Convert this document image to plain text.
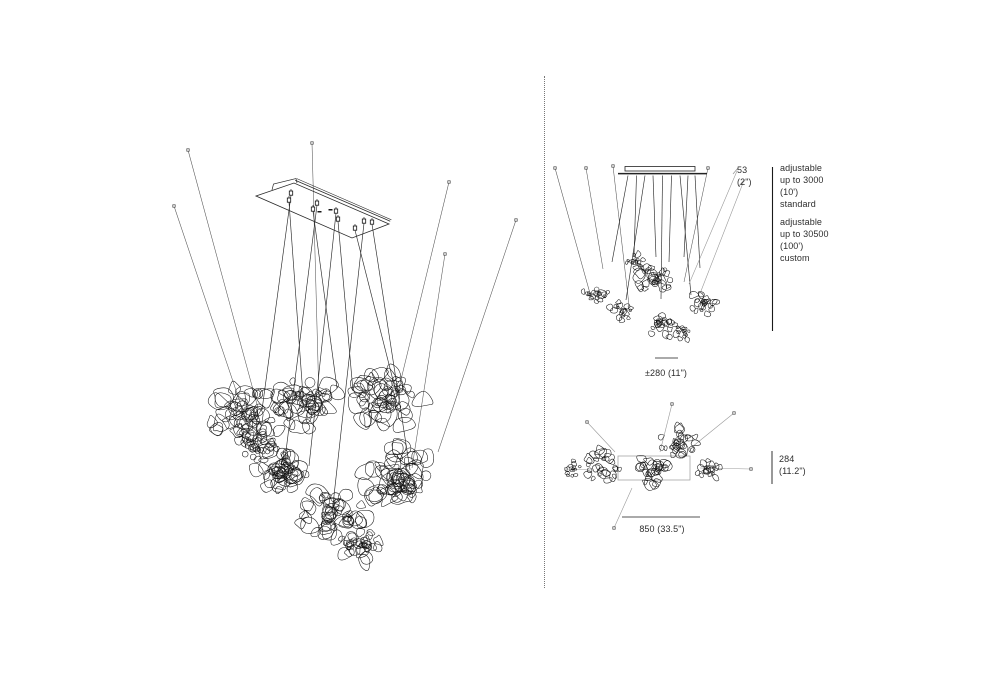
53
(2")
adjustable
up to 3000
(10')
standard
adjustable
up to 30500
(100')
custom
±280 (11")
850 (33.5")
284
(11.2")
